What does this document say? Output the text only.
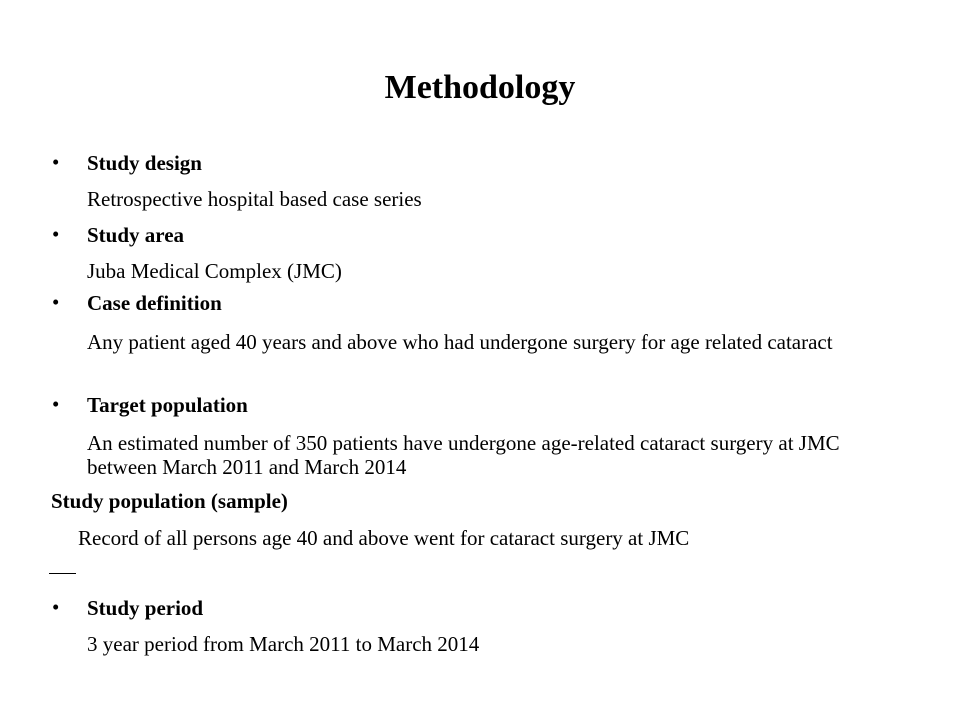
Methodology
• Study design
Retrospective hospital based case series
• Study area
Juba Medical Complex (JMC)
• Case definition
Any patient aged 40 years and above who had undergone surgery for age related cataract
• Target population
An estimated number of 350 patients have undergone age-related cataract surgery at JMC between March 2011 and March 2014
Study population (sample)
Record of all persons age 40 and above went for cataract surgery at JMC
• Study period
3 year period from March 2011 to March 2014
